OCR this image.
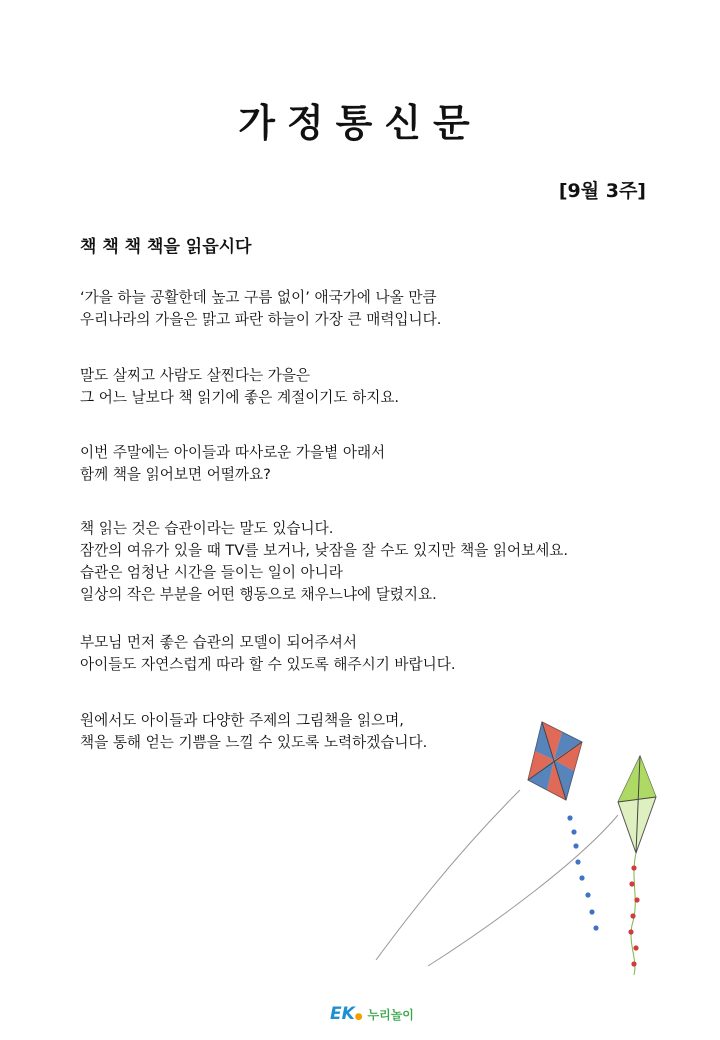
가정통신문

[9월 3주]

책 책 책 책을 읽읍시다

‘가을 하늘 공활한데 높고 구름 없이’ 애국가에 나올 만큼
우리나라의 가을은 맑고 파란 하늘이 가장 큰 매력입니다.

말도 살찌고 사람도 살찐다는 가을은
그 어느 날보다 책 읽기에 좋은 계절이기도 하지요.

이번 주말에는 아이들과 따사로운 가을볕 아래서
함께 책을 읽어보면 어떨까요?

책 읽는 것은 습관이라는 말도 있습니다.
잠깐의 여유가 있을 때 TV를 보거나, 낮잠을 잘 수도 있지만 책을 읽어보세요.
습관은 엄청난 시간을 들이는 일이 아니라
일상의 작은 부분을 어떤 행동으로 채우느냐에 달렸지요.

부모님 먼저 좋은 습관의 모델이 되어주셔서
아이들도 자연스럽게 따라 할 수 있도록 해주시기 바랍니다.

원에서도 아이들과 다양한 주제의 그림책을 읽으며,
책을 통해 얻는 기쁨을 느낄 수 있도록 노력하겠습니다.

EK● 누리놀이
